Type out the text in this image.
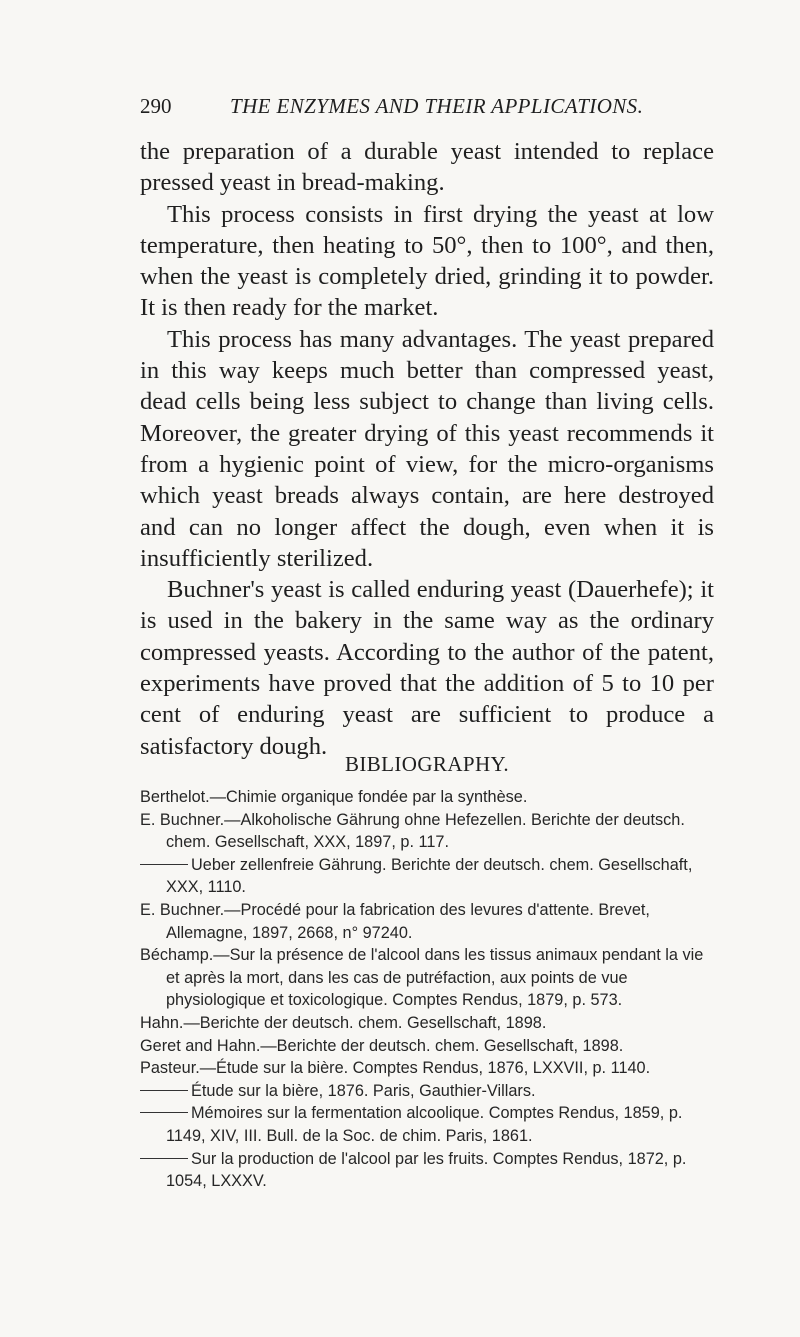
290	THE ENZYMES AND THEIR APPLICATIONS.

the preparation of a durable yeast intended to replace pressed yeast in bread-making.

This process consists in first drying the yeast at low temperature, then heating to 50°, then to 100°, and then, when the yeast is completely dried, grinding it to powder. It is then ready for the market.

This process has many advantages. The yeast prepared in this way keeps much better than compressed yeast, dead cells being less subject to change than living cells. Moreover, the greater drying of this yeast recommends it from a hygienic point of view, for the micro-organisms which yeast breads always contain, are here destroyed and can no longer affect the dough, even when it is insufficiently sterilized.

Buchner's yeast is called enduring yeast (Dauerhefe); it is used in the bakery in the same way as the ordinary compressed yeasts. According to the author of the patent, experiments have proved that the addition of 5 to 10 per cent of enduring yeast are sufficient to produce a satisfactory dough.

BIBLIOGRAPHY.

Berthelot.—Chimie organique fondée par la synthèse.

E. Buchner.—Alkoholische Gährung ohne Hefezellen. Berichte der deutsch. chem. Gesellschaft, XXX, 1897, p. 117.

Ueber zellenfreie Gährung. Berichte der deutsch. chem. Gesellschaft, XXX, 1110.

E. Buchner.—Procédé pour la fabrication des levures d'attente. Brevet, Allemagne, 1897, 2668, n° 97240.

Béchamp.—Sur la présence de l'alcool dans les tissus animaux pendant la vie et après la mort, dans les cas de putréfaction, aux points de vue physiologique et toxicologique. Comptes Rendus, 1879, p. 573.

Hahn.—Berichte der deutsch. chem. Gesellschaft, 1898.

Geret and Hahn.—Berichte der deutsch. chem. Gesellschaft, 1898.

Pasteur.—Étude sur la bière. Comptes Rendus, 1876, LXXVII, p. 1140.

Étude sur la bière, 1876. Paris, Gauthier-Villars.

Mémoires sur la fermentation alcoolique. Comptes Rendus, 1859, p. 1149, XIV, III. Bull. de la Soc. de chim. Paris, 1861.

Sur la production de l'alcool par les fruits. Comptes Rendus, 1872, p. 1054, LXXXV.
